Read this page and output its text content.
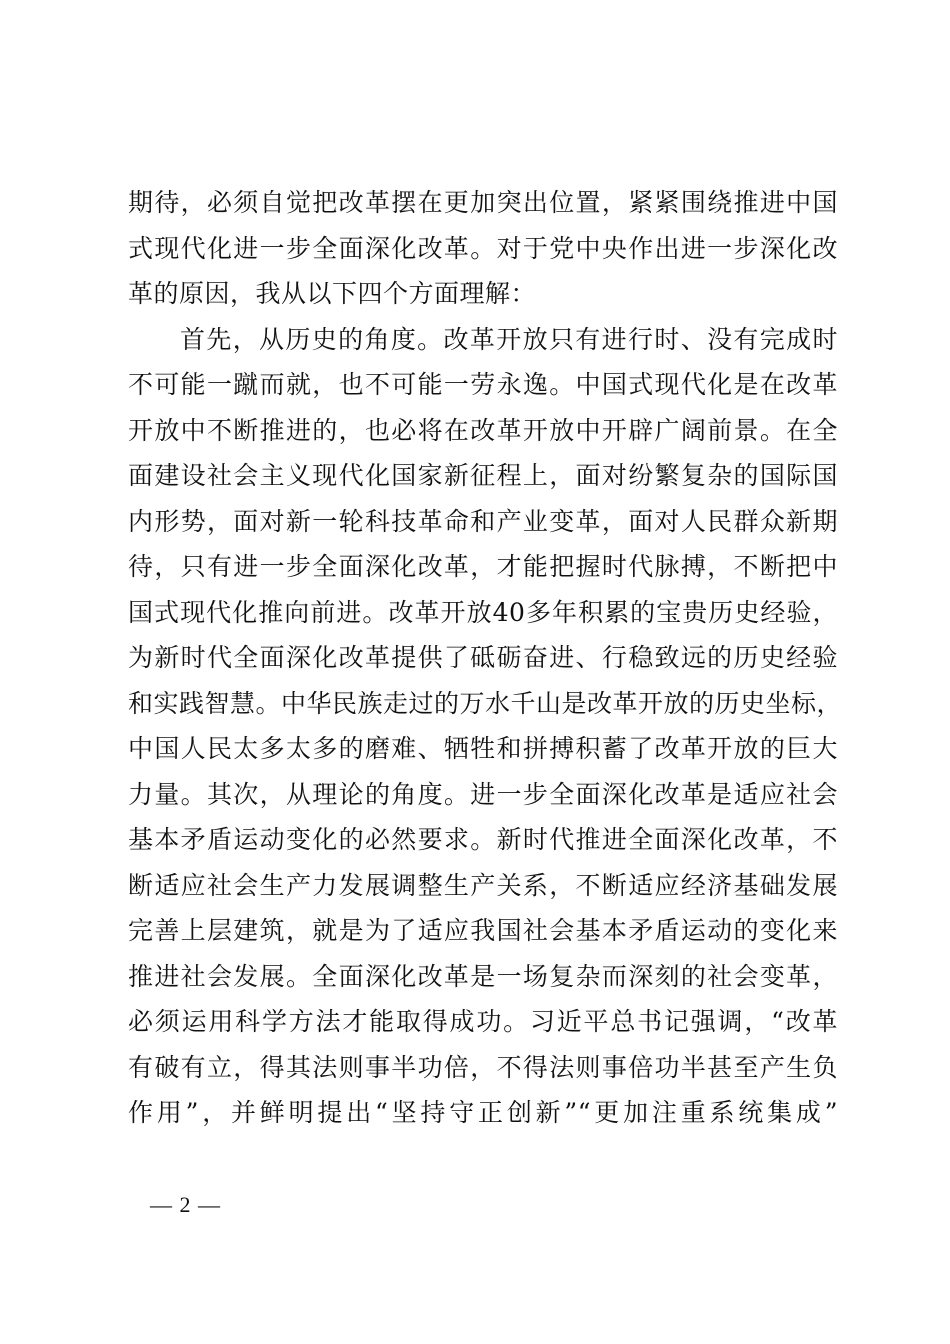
期待，必须自觉把改革摆在更加突出位置，紧紧围绕推进中国
式现代化进一步全面深化改革。对于党中央作出进一步深化改
革的原因，我从以下四个方面理解：
首先，从历史的角度。改革开放只有进行时、没有完成时
不可能一蹴而就，也不可能一劳永逸。中国式现代化是在改革
开放中不断推进的，也必将在改革开放中开辟广阔前景。在全
面建设社会主义现代化国家新征程上，面对纷繁复杂的国际国
内形势，面对新一轮科技革命和产业变革，面对人民群众新期
待，只有进一步全面深化改革，才能把握时代脉搏，不断把中
国式现代化推向前进。改革开放40多年积累的宝贵历史经验，
为新时代全面深化改革提供了砥砺奋进、行稳致远的历史经验
和实践智慧。中华民族走过的万水千山是改革开放的历史坐标，
中国人民太多太多的磨难、牺牲和拼搏积蓄了改革开放的巨大
力量。其次，从理论的角度。进一步全面深化改革是适应社会
基本矛盾运动变化的必然要求。新时代推进全面深化改革，不
断适应社会生产力发展调整生产关系，不断适应经济基础发展
完善上层建筑，就是为了适应我国社会基本矛盾运动的变化来
推进社会发展。全面深化改革是一场复杂而深刻的社会变革，
必须运用科学方法才能取得成功。习近平总书记强调，“改革
有破有立，得其法则事半功倍，不得法则事倍功半甚至产生负
作用”，并鲜明提出“坚持守正创新”“更加注重系统集成”
— 2 —
